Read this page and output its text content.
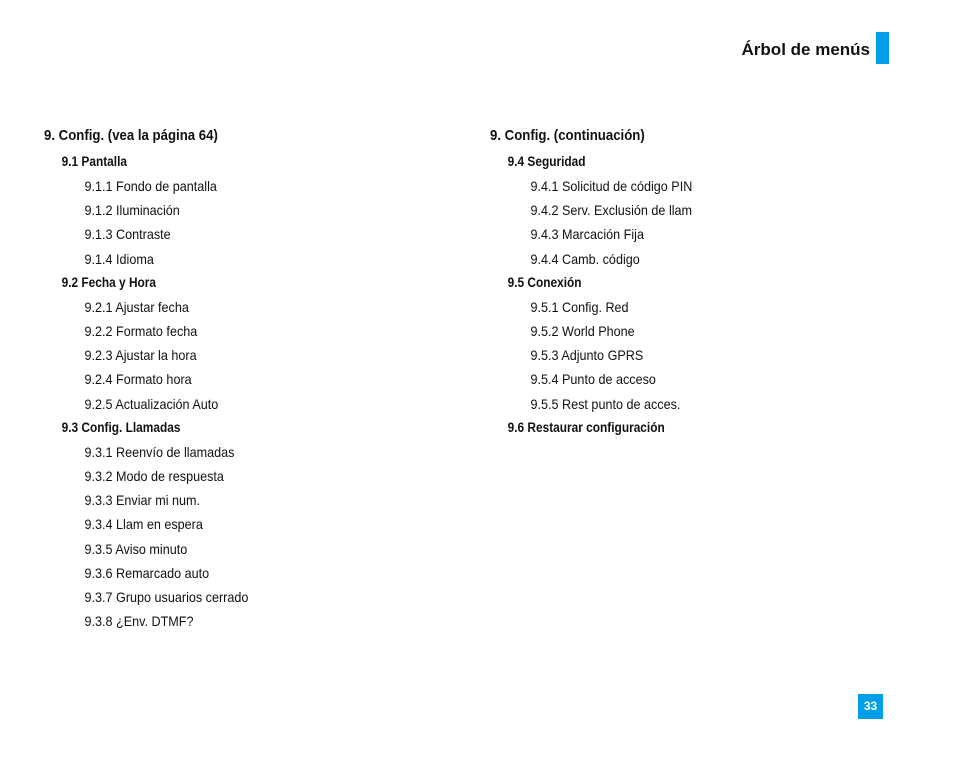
Árbol de menús
9. Config. (vea la página 64)
9.1 Pantalla
9.1.1 Fondo de pantalla
9.1.2 Iluminación
9.1.3 Contraste
9.1.4 Idioma
9.2 Fecha y Hora
9.2.1 Ajustar fecha
9.2.2 Formato fecha
9.2.3 Ajustar la hora
9.2.4 Formato hora
9.2.5 Actualización Auto
9.3 Config. Llamadas
9.3.1 Reenvío de llamadas
9.3.2 Modo de respuesta
9.3.3 Enviar mi num.
9.3.4 Llam en espera
9.3.5 Aviso minuto
9.3.6 Remarcado auto
9.3.7 Grupo usuarios cerrado
9.3.8 ¿Env. DTMF?
9. Config. (continuación)
9.4 Seguridad
9.4.1 Solicitud de código PIN
9.4.2 Serv. Exclusión de llam
9.4.3 Marcación Fija
9.4.4 Camb. código
9.5 Conexión
9.5.1 Config. Red
9.5.2 World Phone
9.5.3 Adjunto GPRS
9.5.4 Punto de acceso
9.5.5 Rest punto de acces.
9.6 Restaurar configuración
33
